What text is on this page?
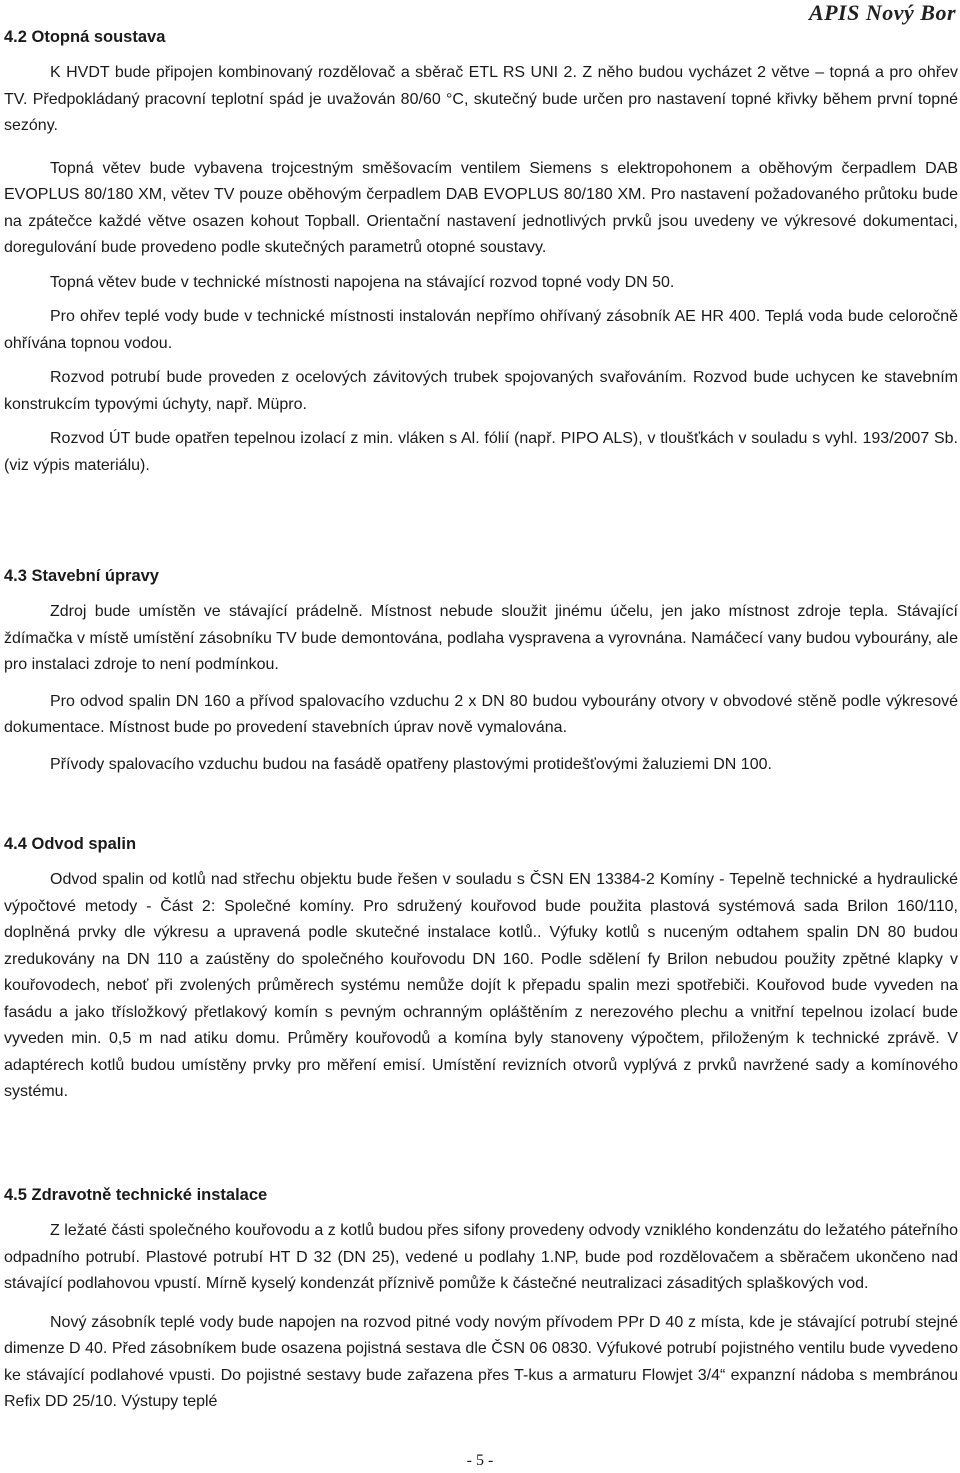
APIS Nový Bor
4.2 Otopná soustava

K HVDT bude připojen kombinovaný rozdělovač a sběrač ETL RS UNI 2. Z něho budou vycházet 2 větve – topná a pro ohřev TV. Předpokládaný pracovní teplotní spád je uvažován 80/60 °C, skutečný bude určen pro nastavení topné křivky během první topné sezóny.

Topná větev bude vybavena trojcestným směšovacím ventilem Siemens s elektropohonem a oběhovým čerpadlem DAB EVOPLUS 80/180 XM, větev TV pouze oběhovým čerpadlem DAB EVOPLUS 80/180 XM. Pro nastavení požadovaného průtoku bude na zpátečce každé větve osazen kohout Topball. Orientační nastavení jednotlivých prvků jsou uvedeny ve výkresové dokumentaci, doregulování bude provedeno podle skutečných parametrů otopné soustavy.

Topná větev bude v technické místnosti napojena na stávající rozvod topné vody DN 50.

Pro ohřev teplé vody bude v technické místnosti instalován nepřímo ohřívaný zásobník AE HR 400. Teplá voda bude celoročně ohřívána topnou vodou.

Rozvod potrubí bude proveden z ocelových závitových trubek spojovaných svařováním. Rozvod bude uchycen ke stavebním konstrukcím typovými úchyty, např. Müpro.

Rozvod ÚT bude opatřen tepelnou izolací z min. vláken s Al. fólií (např. PIPO ALS), v tloušťkách v souladu s vyhl. 193/2007 Sb. (viz výpis materiálu).

4.3 Stavební úpravy

Zdroj bude umístěn ve stávající prádelně. Místnost nebude sloužit jinému účelu, jen jako místnost zdroje tepla. Stávající ždímačka v místě umístění zásobníku TV bude demontována, podlaha vyspravena a vyrovnána. Namáčecí vany budou vybourány, ale pro instalaci zdroje to není podmínkou.

Pro odvod spalin DN 160 a přívod spalovacího vzduchu 2 x DN 80 budou vybourány otvory v obvodové stěně podle výkresové dokumentace. Místnost bude po provedení stavebních úprav nově vymalována.

Přívody spalovacího vzduchu budou na fasádě opatřeny plastovými protidešťovými žaluziemi DN 100.

4.4 Odvod spalin

Odvod spalin od kotlů nad střechu objektu bude řešen v souladu s ČSN EN 13384-2 Komíny - Tepelně technické a hydraulické výpočtové metody - Část 2: Společné komíny. Pro sdružený kouřovod bude použita plastová systémová sada Brilon 160/110, doplněná prvky dle výkresu a upravená podle skutečné instalace kotlů.. Výfuky kotlů s nuceným odtahem spalin DN 80 budou zredukovány na DN 110 a zaústěny do společného kouřovodu DN 160. Podle sdělení fy Brilon nebudou použity zpětné klapky v kouřovodech, neboť při zvolených průměrech systému nemůže dojít k přepadu spalin mezi spotřebiči. Kouřovod bude vyveden na fasádu a jako třísložkový přetlakový komín s pevným ochranným opláštěním z nerezového plechu a vnitřní tepelnou izolací bude vyveden min. 0,5 m nad atiku domu. Průměry kouřovodů a komína byly stanoveny výpočtem, přiloženým k technické zprávě. V adaptérech kotlů budou umístěny prvky pro měření emisí. Umístění revizních otvorů vyplývá z prvků navržené sady a komínového systému.

4.5 Zdravotně technické instalace

Z ležaté části společného kouřovodu a z kotlů budou přes sifony provedeny odvody vzniklého kondenzátu do ležatého páteřního odpadního potrubí. Plastové potrubí HT D 32 (DN 25), vedené u podlahy 1.NP, bude pod rozdělovačem a sběračem ukončeno nad stávající podlahovou vpustí. Mírně kyselý kondenzát příznivě pomůže k částečné neutralizaci zásaditých splaškových vod.

Nový zásobník teplé vody bude napojen na rozvod pitné vody novým přívodem PPr D 40 z místa, kde je stávající potrubí stejné dimenze D 40. Před zásobníkem bude osazena pojistná sestava dle ČSN 06 0830. Výfukové potrubí pojistného ventilu bude vyvedeno ke stávající podlahové vpusti. Do pojistné sestavy bude zařazena přes T-kus a armaturu Flowjet 3/4“ expanzní nádoba s membránou Refix DD 25/10. Výstupy teplé

- 5 -
